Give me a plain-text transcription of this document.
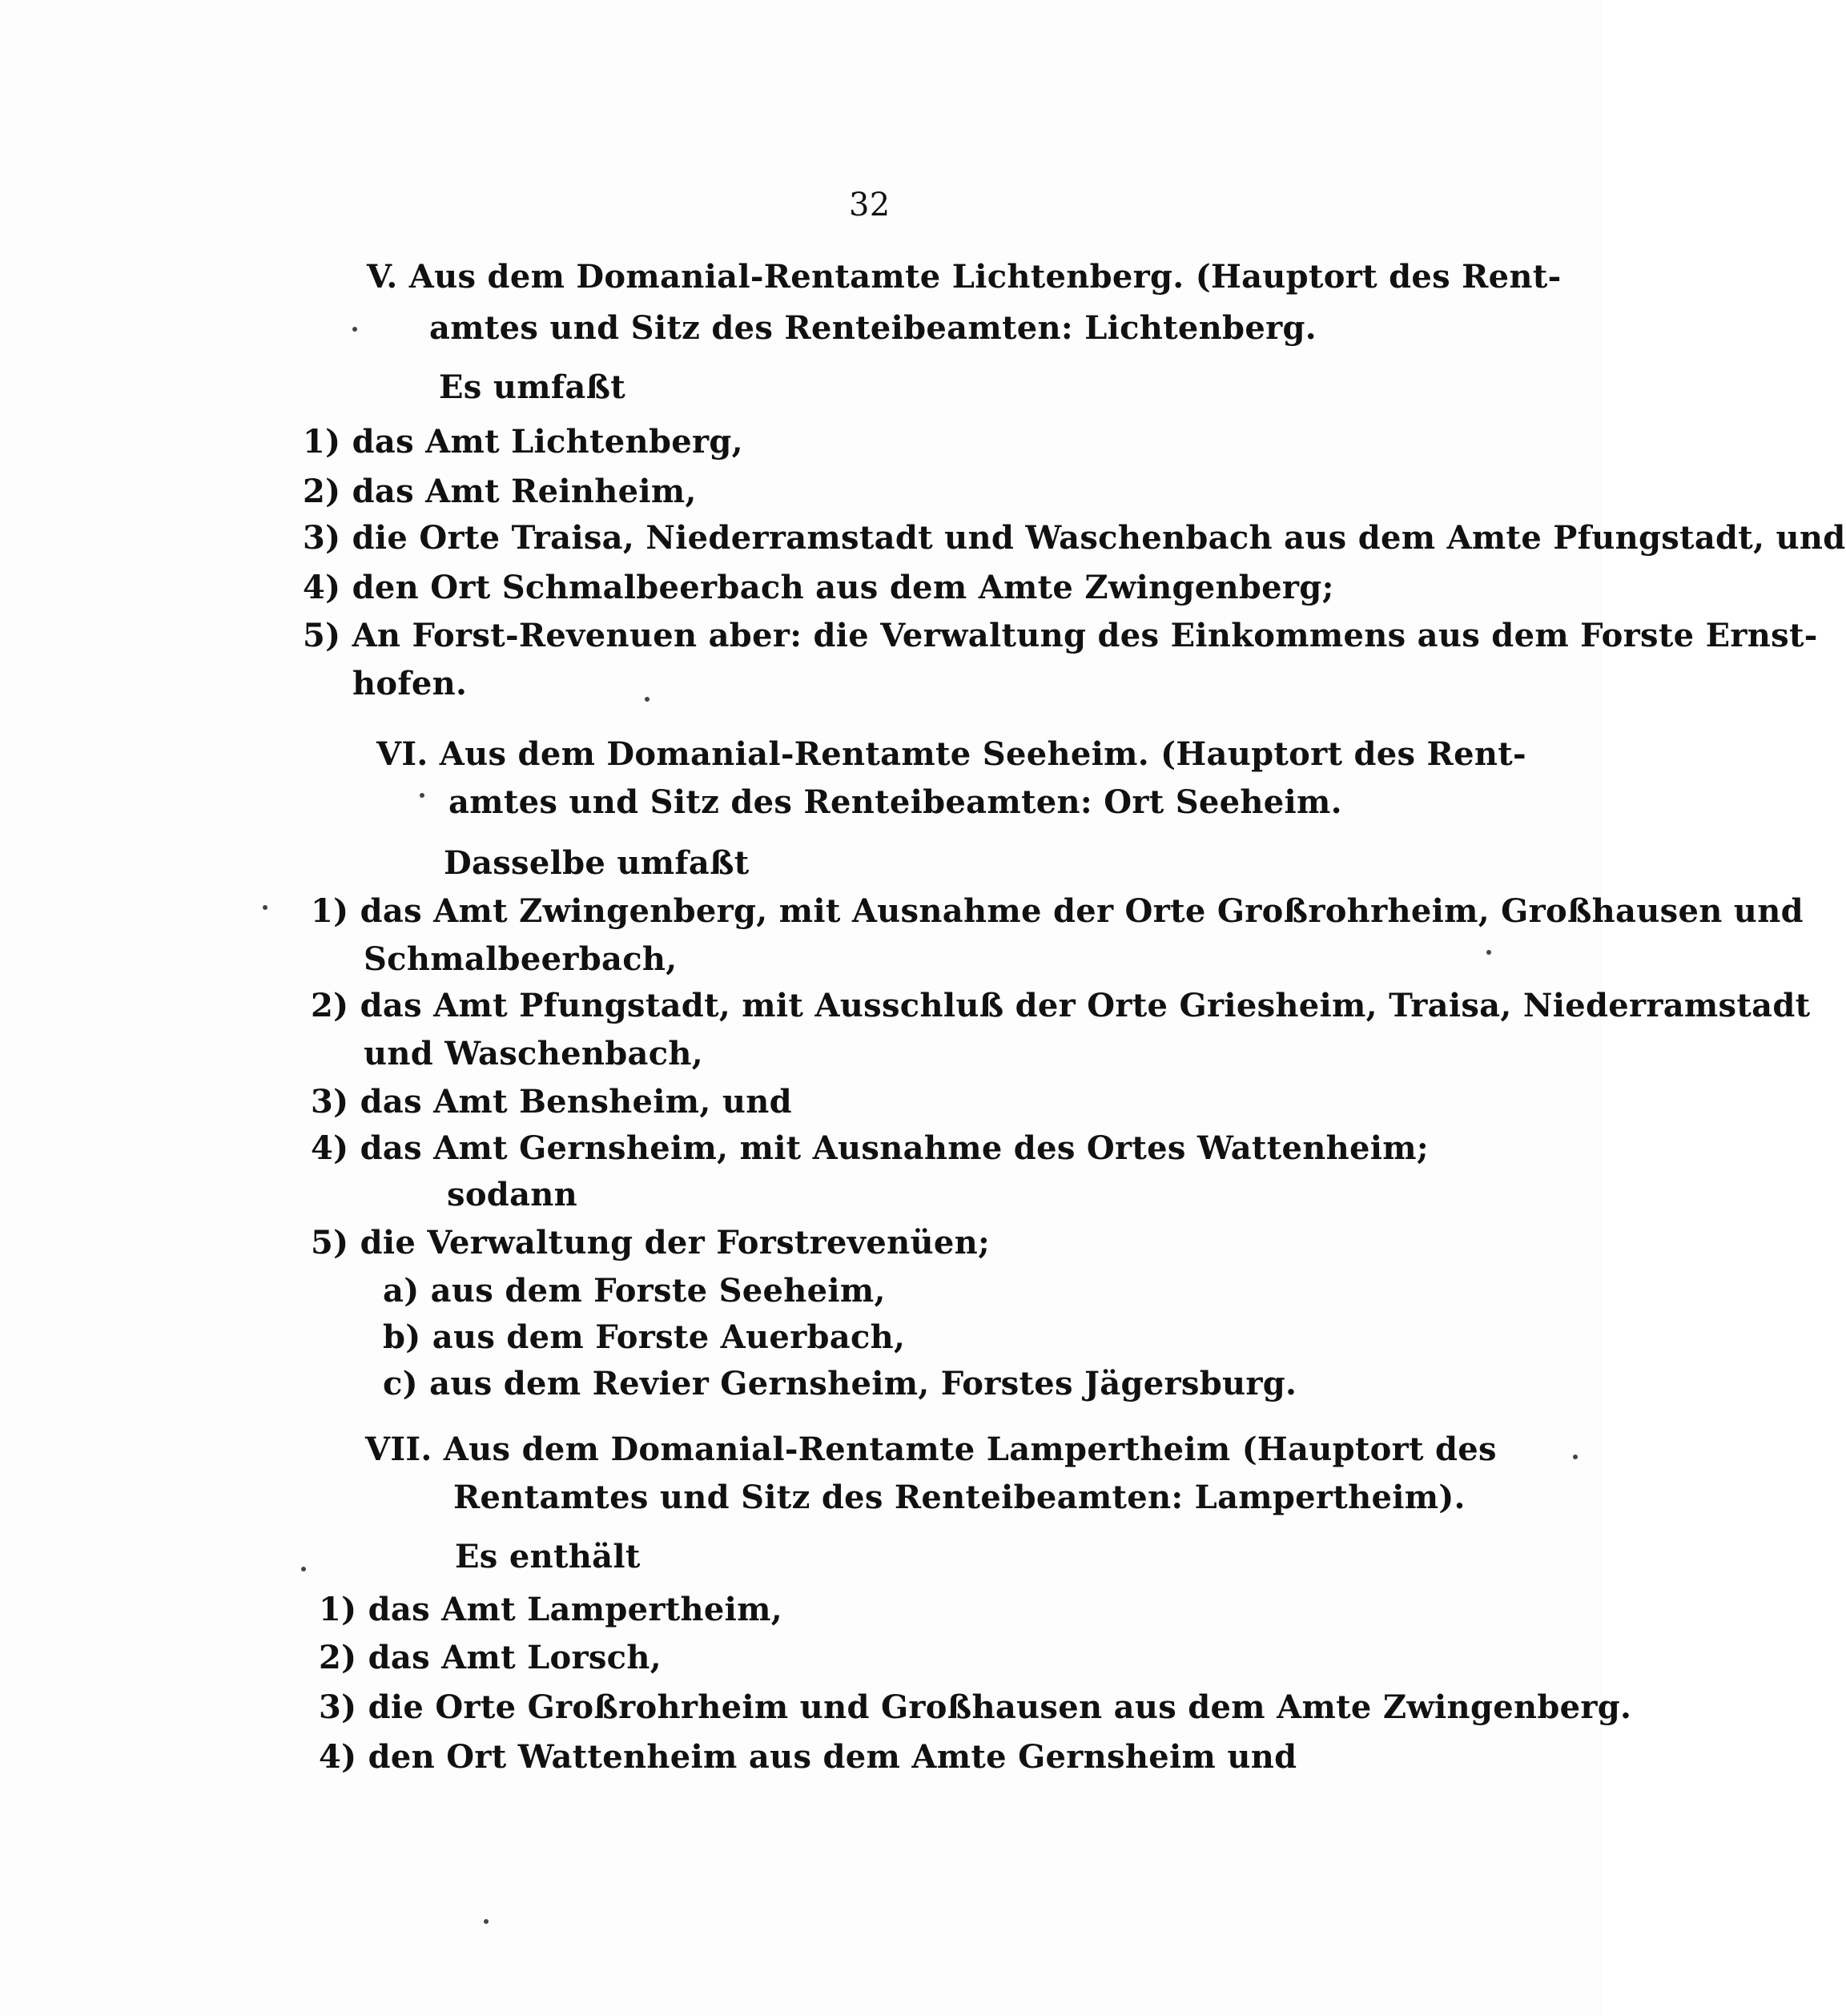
32
V. Aus dem Domanial-Rentamte Lichtenberg. (Hauptort des Rent-
amtes und Sitz des Renteibeamten: Lichtenberg.
Es umfaßt
1) das Amt Lichtenberg,
2) das Amt Reinheim,
3) die Orte Traisa, Niederramstadt und Waschenbach aus dem Amte Pfungstadt, und
4) den Ort Schmalbeerbach aus dem Amte Zwingenberg;
5) An Forst-Revenuen aber: die Verwaltung des Einkommens aus dem Forste Ernst-
hofen.
VI. Aus dem Domanial-Rentamte Seeheim. (Hauptort des Rent-
amtes und Sitz des Renteibeamten: Ort Seeheim.
Dasselbe umfaßt
1) das Amt Zwingenberg, mit Ausnahme der Orte Großrohrheim, Großhausen und
Schmalbeerbach,
2) das Amt Pfungstadt, mit Ausschluß der Orte Griesheim, Traisa, Niederramstadt
und Waschenbach,
3) das Amt Bensheim, und
4) das Amt Gernsheim, mit Ausnahme des Ortes Wattenheim;
sodann
5) die Verwaltung der Forstrevenüen;
a) aus dem Forste Seeheim,
b) aus dem Forste Auerbach,
c) aus dem Revier Gernsheim, Forstes Jägersburg.
VII. Aus dem Domanial-Rentamte Lampertheim (Hauptort des
Rentamtes und Sitz des Renteibeamten: Lampertheim).
Es enthält
1) das Amt Lampertheim,
2) das Amt Lorsch,
3) die Orte Großrohrheim und Großhausen aus dem Amte Zwingenberg.
4) den Ort Wattenheim aus dem Amte Gernsheim und
